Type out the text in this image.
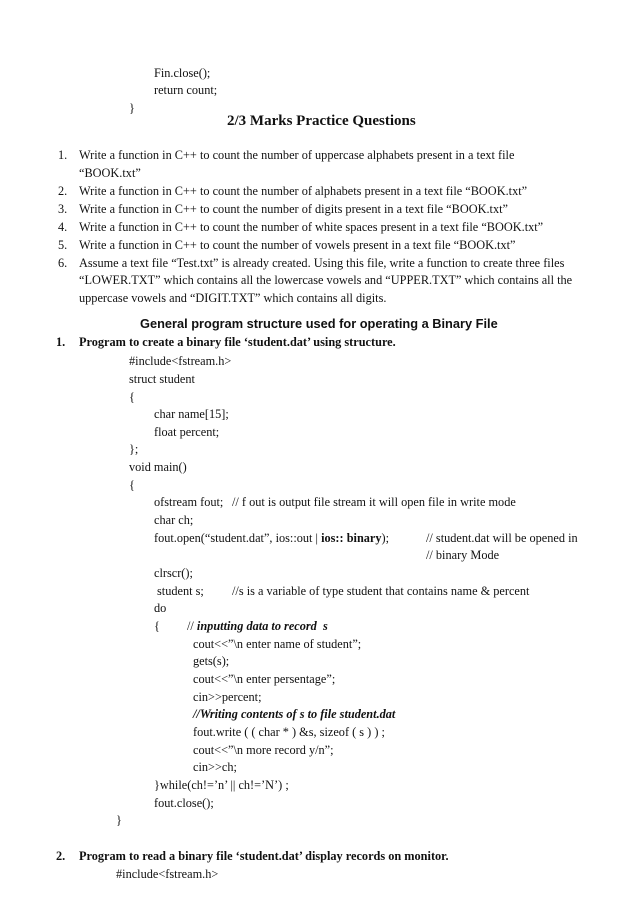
Fin.close();
return count;
}
2/3 Marks Practice Questions
1. Write a function in C++ to count the number of uppercase alphabets present in a text file
“BOOK.txt”
2. Write a function in C++ to count the number of alphabets present in a text file “BOOK.txt”
3. Write a function in C++ to count the number of digits present in a text file “BOOK.txt”
4. Write a function in C++ to count the number of white spaces present in a text file “BOOK.txt”
5. Write a function in C++ to count the number of vowels present in a text file “BOOK.txt”
6. Assume a text file “Test.txt” is already created. Using this file, write a function to create three files
“LOWER.TXT” which contains all the lowercase vowels and “UPPER.TXT” which contains all the
uppercase vowels and “DIGIT.TXT” which contains all digits.
General program structure used for operating a Binary File
1. Program to create a binary file ‘student.dat’ using structure.
#include<fstream.h>
struct student
{
char name[15];
float percent;
};
void main()
{
ofstream fout; // f out is output file stream it will open file in write mode
char ch;
fout.open(“student.dat”, ios::out | ios:: binary);	// student.dat will be opened in
// binary Mode
clrscr();
student s; //s is a variable of type student that contains name & percent
do
{ // inputting data to record  s
cout<<”\n enter name of student”;
gets(s);
cout<<”\n enter persentage”;
cin>>percent;
//Writing contents of s to file student.dat
fout.write ( ( char * ) &s, sizeof ( s ) ) ;
cout<<”\n more record y/n”;
cin>>ch;
}while(ch!=’n’ || ch!=’N’) ;
fout.close();
}
2. Program to read a binary file ‘student.dat’ display records on monitor.
#include<fstream.h>
